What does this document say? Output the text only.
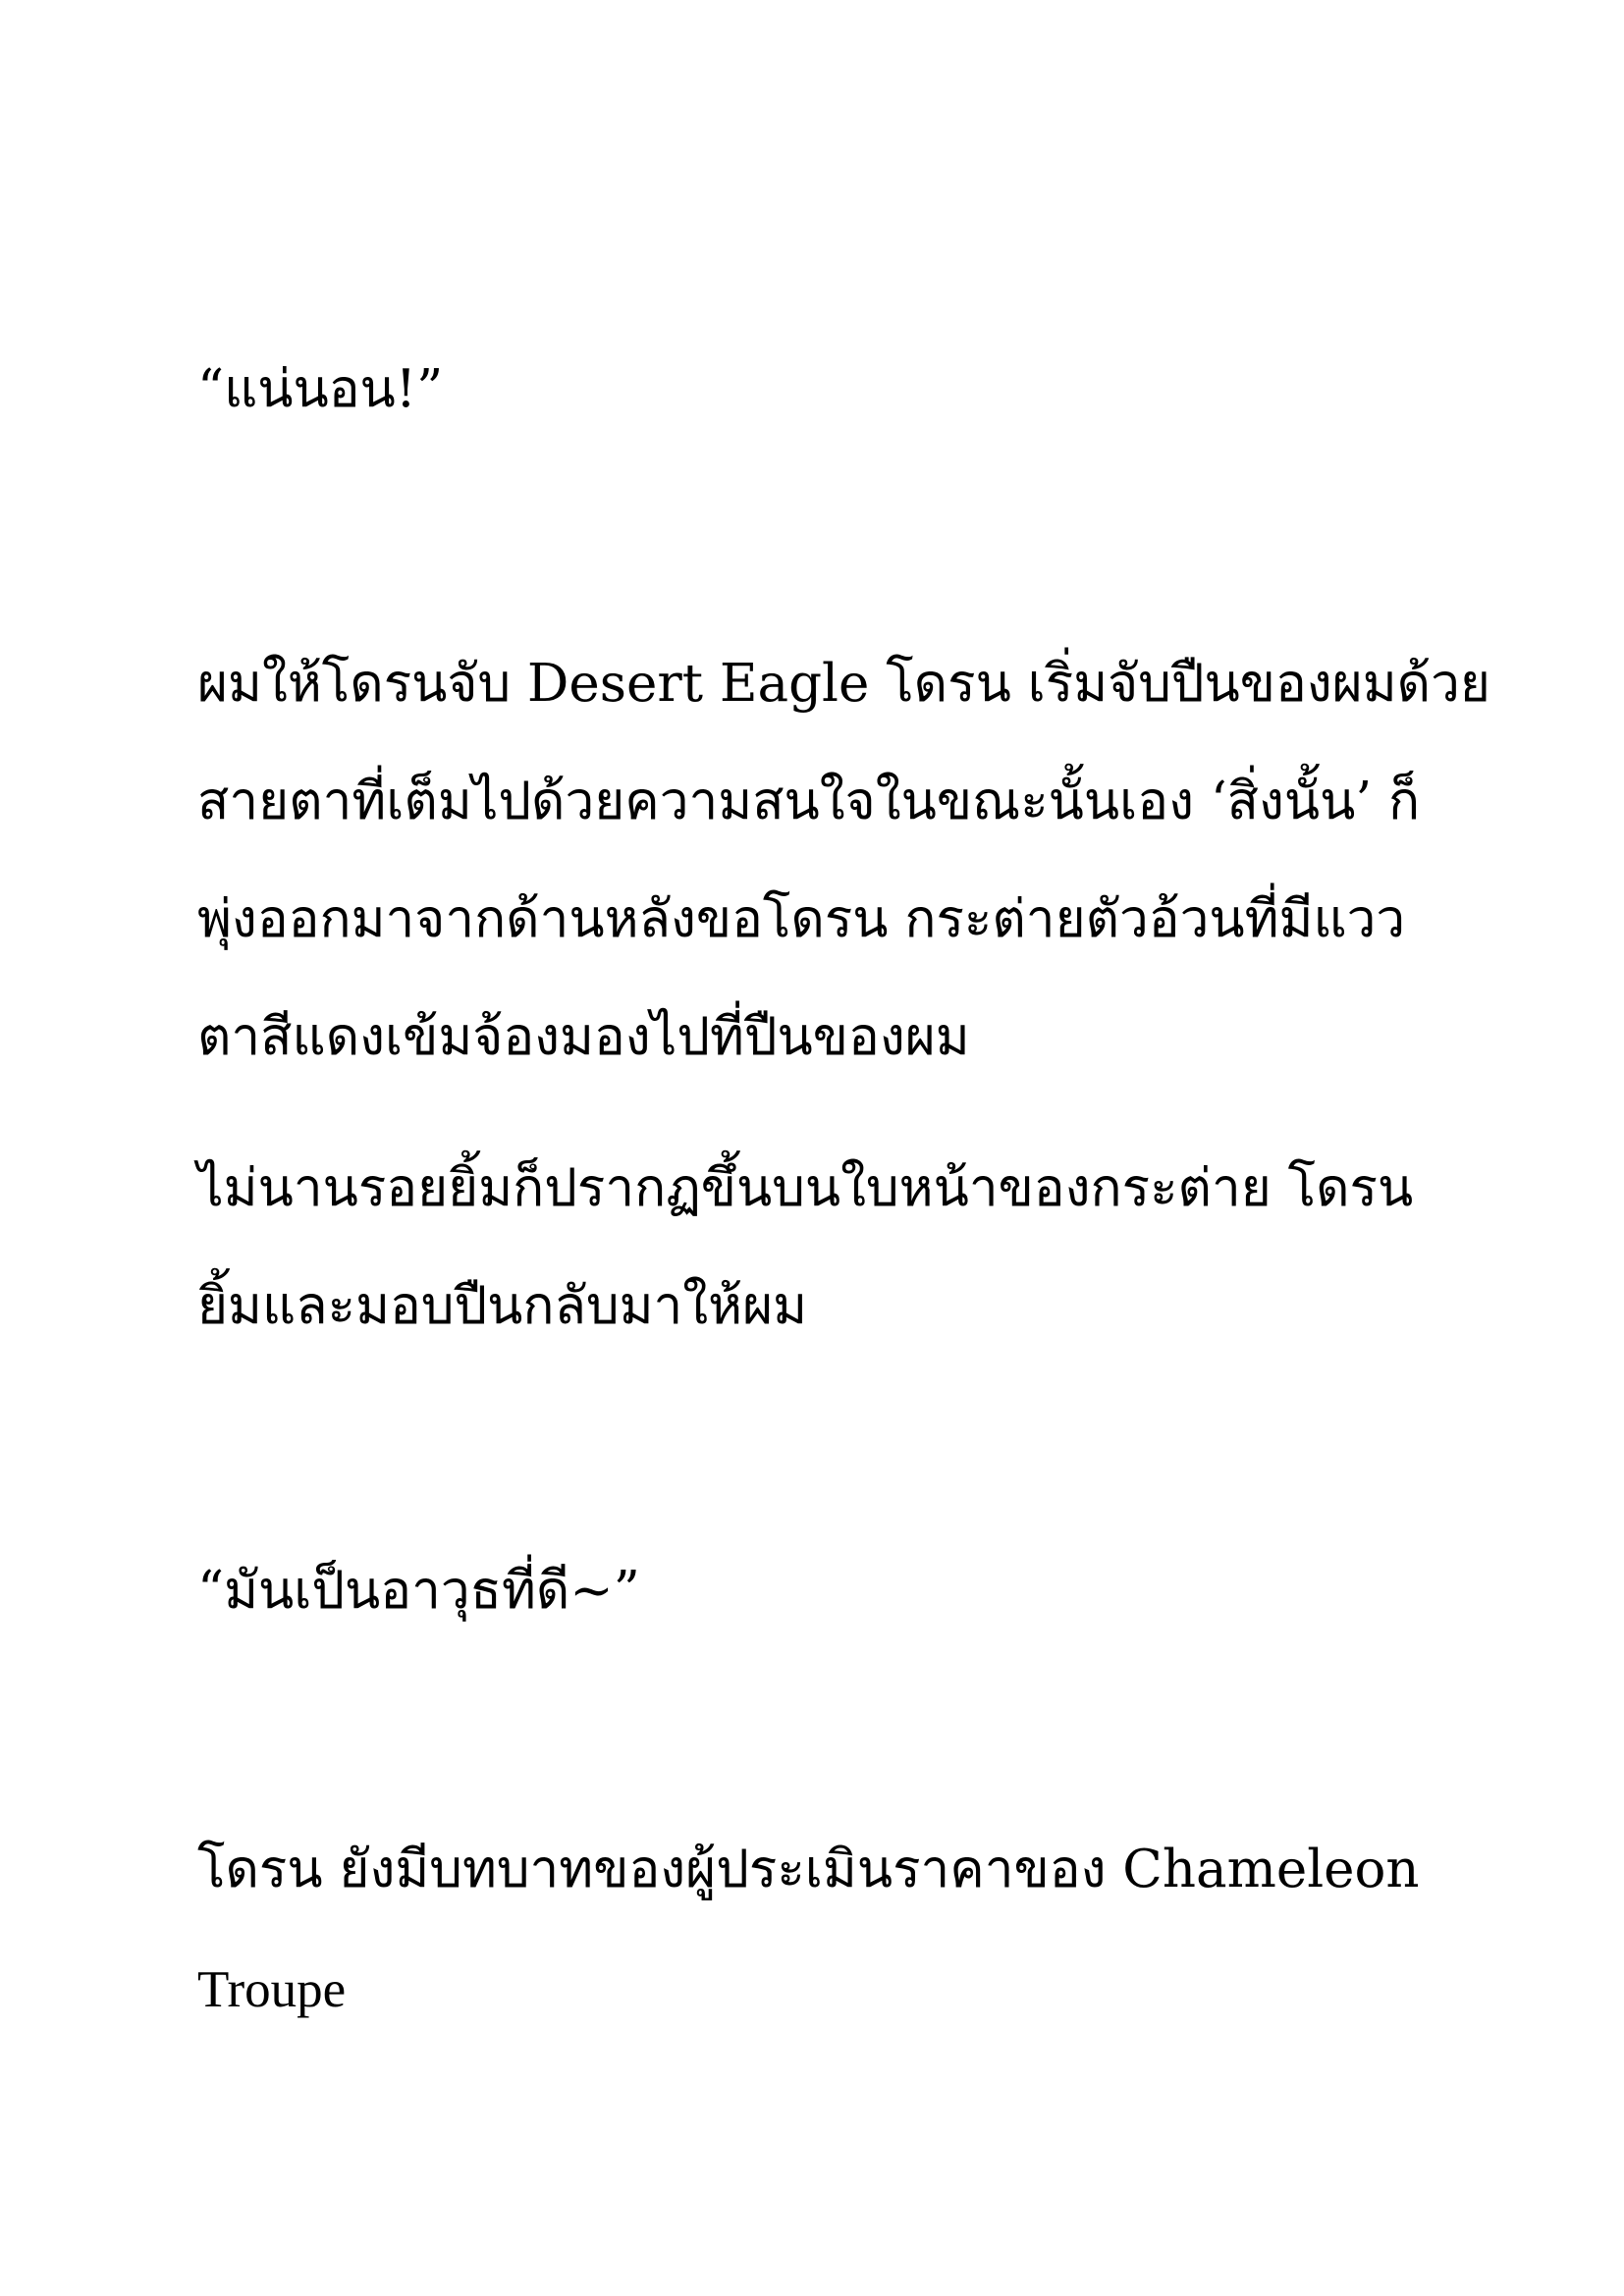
“แน่นอน!”
ผมให้โดรนจับ Desert Eagle โดรน เริ่มจับปืนของผมด้วย
สายตาที่เต็มไปด้วยความสนใจในขณะนั้นเอง ‘สิ่งนั้น’ ก็
พุ่งออกมาจากด้านหลังขอโดรน กระต่ายตัวอ้วนที่มีแวว
ตาสีแดงเข้มจ้องมองไปที่ปืนของผม
ไม่นานรอยยิ้มก็ปรากฏขึ้นบนใบหน้าของกระต่าย โดรน
ยิ้มและมอบปืนกลับมาให้ผม
“มันเป็นอาวุธที่ดี~”
โดรน ยังมีบทบาทของผู้ประเมินราคาของ Chameleon
Troupe
